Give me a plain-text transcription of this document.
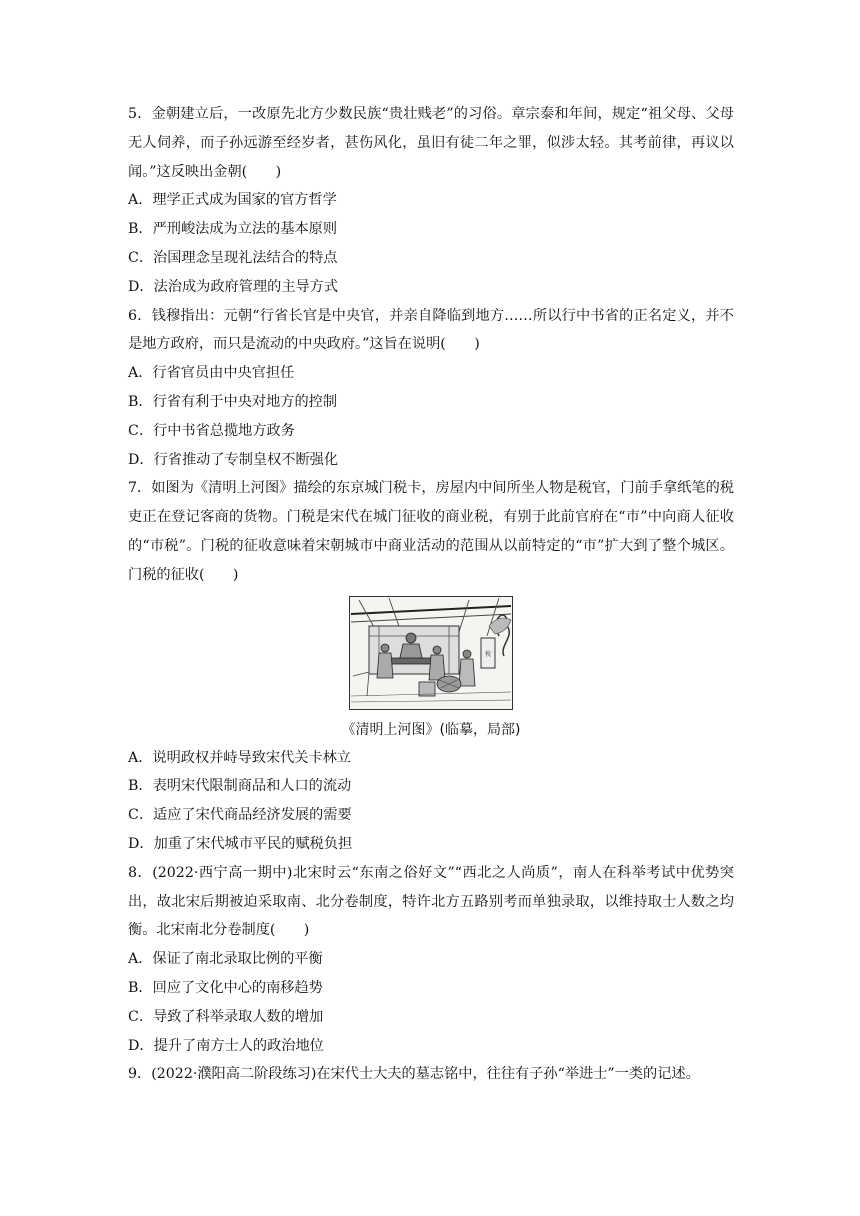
5．金朝建立后，一改原先北方少数民族“贵壮贱老”的习俗。章宗泰和年间，规定“祖父母、父母无人伺养，而子孙远游至经岁者，甚伤风化，虽旧有徒二年之罪，似涉太轻。其考前律，再议以闻。”这反映出金朝(　　)

A．理学正式成为国家的官方哲学

B．严刑峻法成为立法的基本原则

C．治国理念呈现礼法结合的特点

D．法治成为政府管理的主导方式

6．钱穆指出：元朝“行省长官是中央官，并亲自降临到地方……所以行中书省的正名定义，并不是地方政府，而只是流动的中央政府。”这旨在说明(　　)

A．行省官员由中央官担任

B．行省有利于中央对地方的控制

C．行中书省总揽地方政务

D．行省推动了专制皇权不断强化

7．如图为《清明上河图》描绘的东京城门税卡，房屋内中间所坐人物是税官，门前手拿纸笔的税吏正在登记客商的货物。门税是宋代在城门征收的商业税，有别于此前官府在“市”中向商人征收的“市税”。门税的征收意味着宋朝城市中商业活动的范围从以前特定的“市”扩大到了整个城区。门税的征收(　　)

稅

《清明上河图》(临摹，局部)

A．说明政权并峙导致宋代关卡林立

B．表明宋代限制商品和人口的流动

C．适应了宋代商品经济发展的需要

D．加重了宋代城市平民的赋税负担

8．(2022·西宁高一期中)北宋时云“东南之俗好文”“西北之人尚质”，南人在科举考试中优势突出，故北宋后期被迫采取南、北分卷制度，特许北方五路别考而单独录取，以维持取士人数之均衡。北宋南北分卷制度(　　)

A．保证了南北录取比例的平衡

B．回应了文化中心的南移趋势

C．导致了科举录取人数的增加

D．提升了南方士人的政治地位

9．(2022·濮阳高二阶段练习)在宋代士大夫的墓志铭中，往往有子孙“举进士”一类的记述。
